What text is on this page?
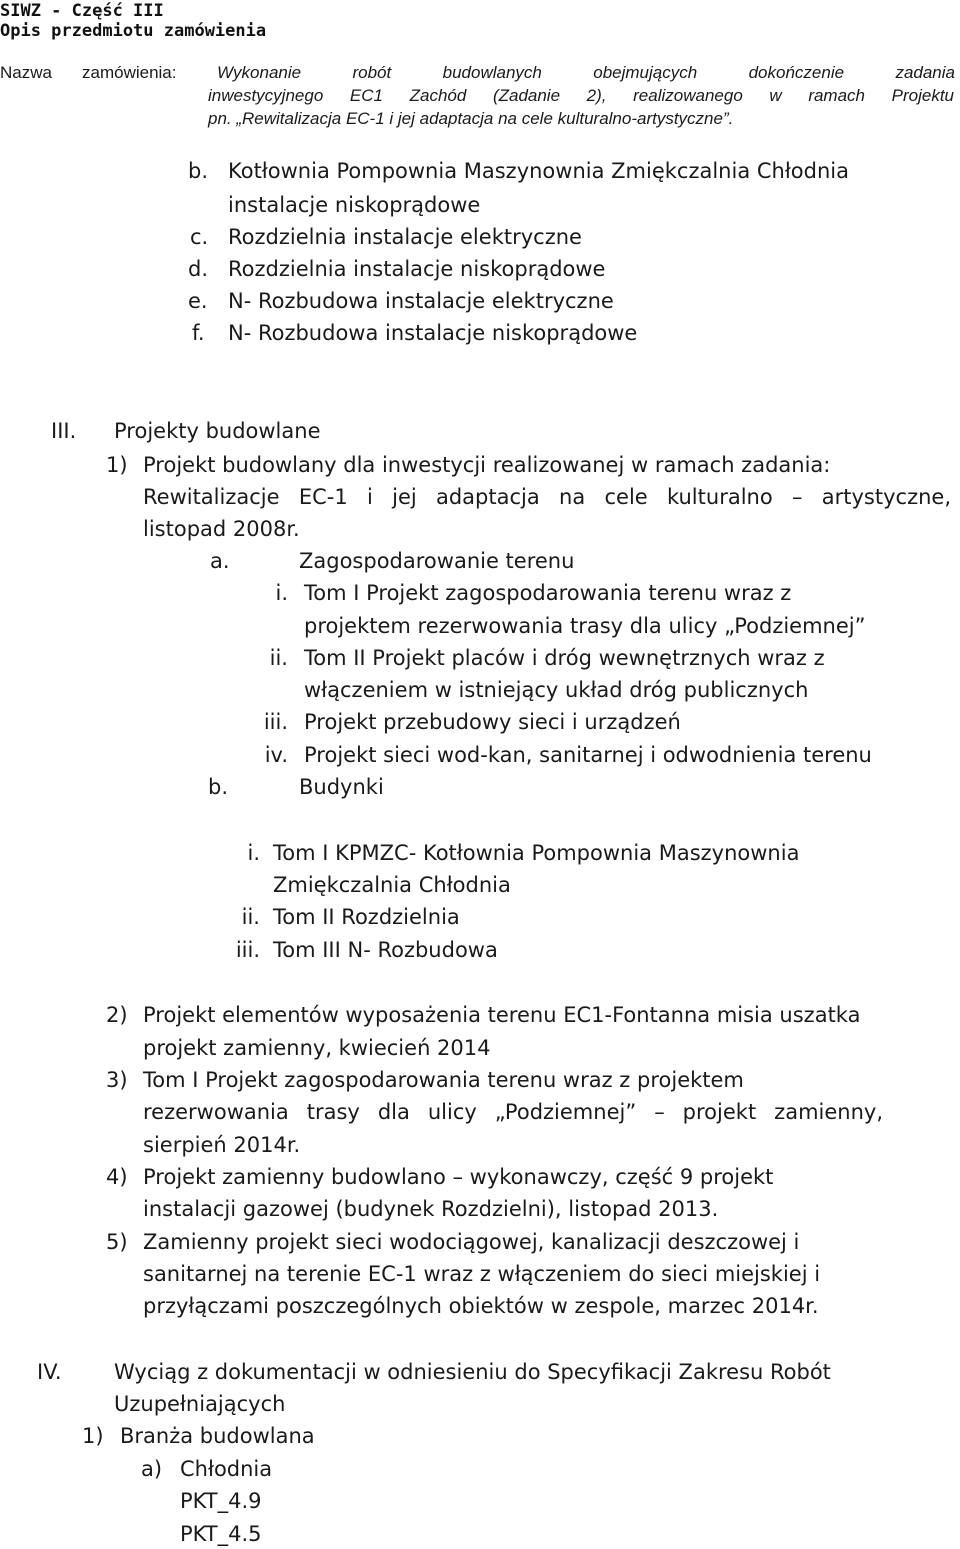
SIWZ - Część III
Opis przedmiotu zamówienia
Nazwa zamówienia: Wykonanie robót budowlanych obejmujących dokończenie zadania
inwestycyjnego EC1 Zachód (Zadanie 2), realizowanego w ramach Projektu
pn. „Rewitalizacja EC-1 i jej adaptacja na cele kulturalno-artystyczne”.
b. Kotłownia Pompownia Maszynownia Zmiękczalnia Chłodnia
instalacje niskoprądowe
c. Rozdzielnia instalacje elektryczne
d. Rozdzielnia instalacje niskoprądowe
e. N- Rozbudowa instalacje elektryczne
f. N- Rozbudowa instalacje niskoprądowe
III. Projekty budowlane
1) Projekt budowlany dla inwestycji realizowanej w ramach zadania:
Rewitalizacje EC-1 i jej adaptacja na cele kulturalno – artystyczne,
listopad 2008r.
a.	Zagospodarowanie terenu
i. Tom I Projekt zagospodarowania terenu wraz z
projektem rezerwowania trasy dla ulicy „Podziemnej”
ii. Tom II Projekt placów i dróg wewnętrznych wraz z
włączeniem w istniejący układ dróg publicznych
iii. Projekt przebudowy sieci i urządzeń
iv. Projekt sieci wod-kan, sanitarnej i odwodnienia terenu
b.	Budynki
i. Tom I KPMZC- Kotłownia Pompownia Maszynownia
Zmiękczalnia Chłodnia
ii. Tom II Rozdzielnia
iii. Tom III N- Rozbudowa
2) Projekt elementów wyposażenia terenu EC1-Fontanna misia uszatka
projekt zamienny, kwiecień 2014
3) Tom I Projekt zagospodarowania terenu wraz z projektem
rezerwowania trasy dla ulicy „Podziemnej” – projekt zamienny,
sierpień 2014r.
4) Projekt zamienny budowlano – wykonawczy, część 9 projekt
instalacji gazowej (budynek Rozdzielni), listopad 2013.
5) Zamienny projekt sieci wodociągowej, kanalizacji deszczowej i
sanitarnej na terenie EC-1 wraz z włączeniem do sieci miejskiej i
przyłączami poszczególnych obiektów w zespole, marzec 2014r.
IV. Wyciąg z dokumentacji w odniesieniu do Specyfikacji Zakresu Robót
Uzupełniających
1) Branża budowlana
a) Chłodnia
PKT_4.9
PKT_4.5
